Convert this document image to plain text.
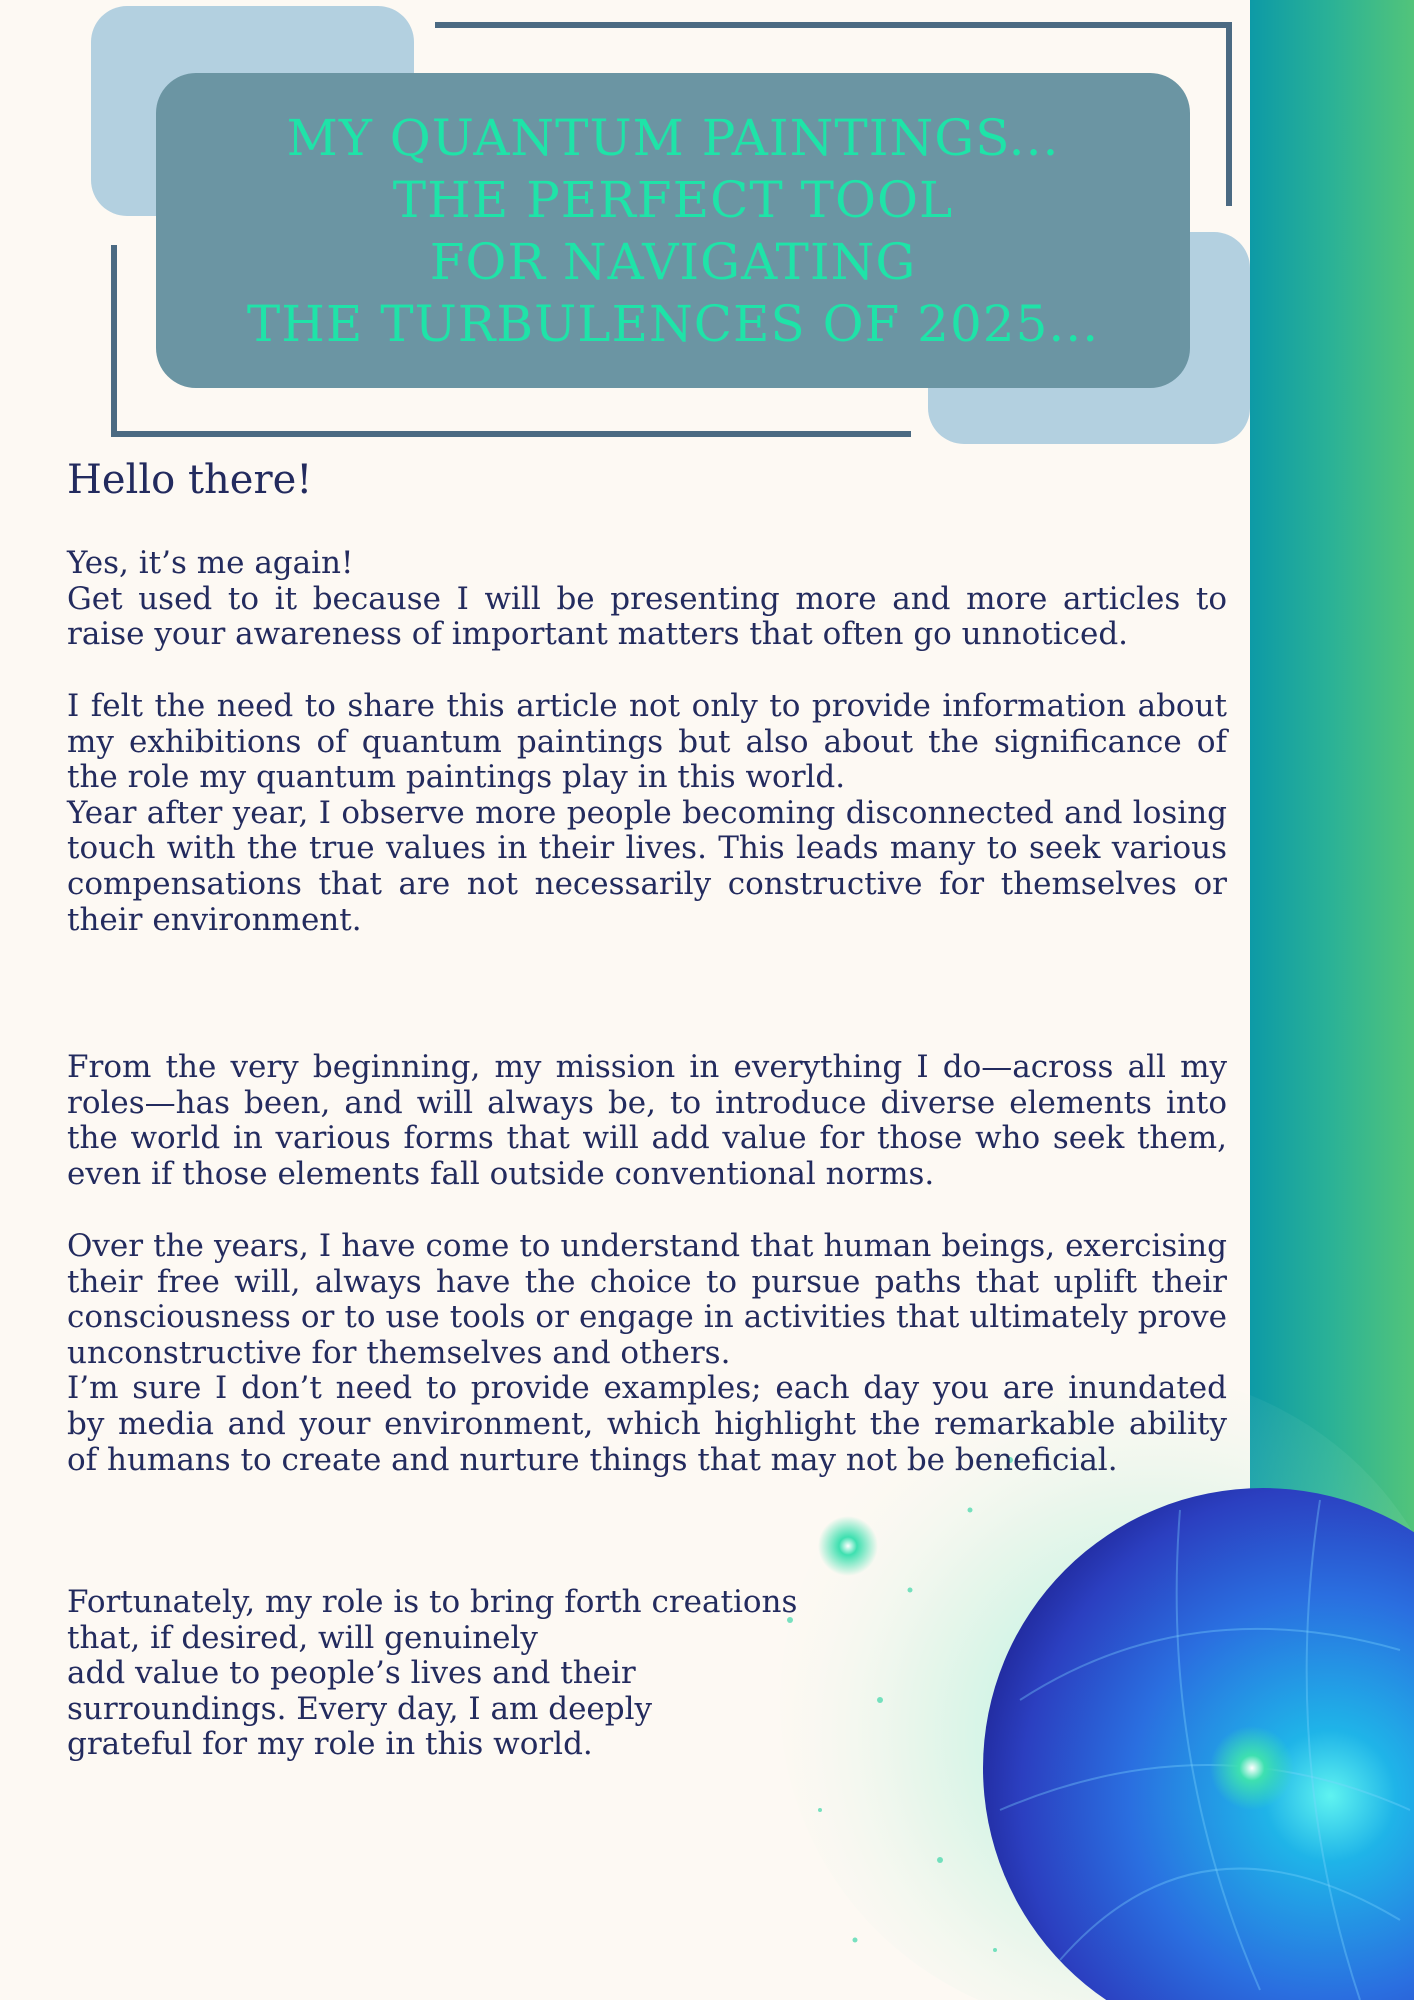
MY QUANTUM PAINTINGS...
THE PERFECT TOOL
FOR NAVIGATING
THE TURBULENCES OF 2025...
Hello there!
Yes, it’s me again!
Get used to it because I will be presenting more and more articles to raise your awareness of important matters that often go unnoticed.
I felt the need to share this article not only to provide information about my exhibitions of quantum paintings but also about the significance of the role my quantum paintings play in this world.
Year after year, I observe more people becoming disconnected and losing touch with the true values in their lives. This leads many to seek various compensations that are not necessarily constructive for themselves or their environment.
From the very beginning, my mission in everything I do—across all my roles—has been, and will always be, to introduce diverse elements into the world in various forms that will add value for those who seek them, even if those elements fall outside conventional norms.
Over the years, I have come to understand that human beings, exercising their free will, always have the choice to pursue paths that uplift their consciousness or to use tools or engage in activities that ultimately prove unconstructive for themselves and others.
I’m sure I don’t need to provide examples; each day you are inundated by media and your environment, which highlight the remarkable ability of humans to create and nurture things that may not be beneficial.
Fortunately, my role is to bring forth creations
that, if desired, will genuinely
add value to people’s lives and their
surroundings. Every day, I am deeply
grateful for my role in this world.
